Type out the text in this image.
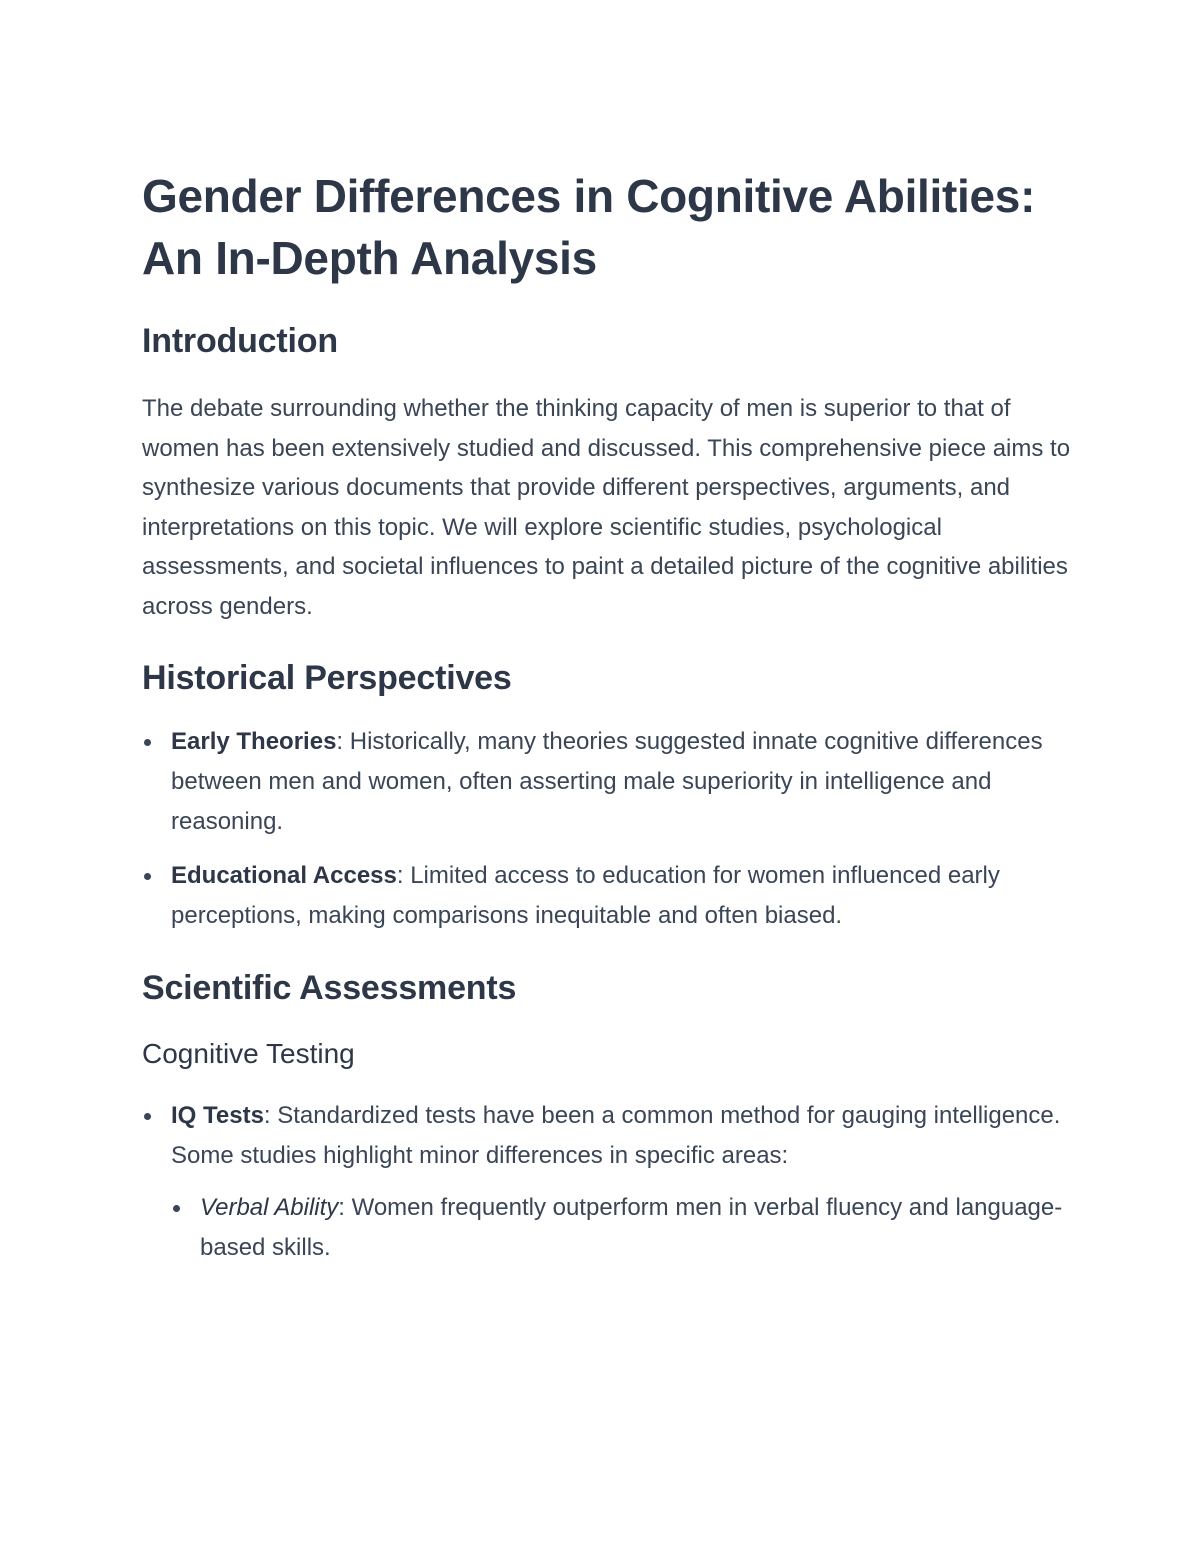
Gender Differences in Cognitive Abilities: An In-Depth Analysis
Introduction

The debate surrounding whether the thinking capacity of men is superior to that of women has been extensively studied and discussed. This comprehensive piece aims to synthesize various documents that provide different perspectives, arguments, and interpretations on this topic. We will explore scientific studies, psychological assessments, and societal influences to paint a detailed picture of the cognitive abilities across genders.

Historical Perspectives
Early Theories: Historically, many theories suggested innate cognitive differences between men and women, often asserting male superiority in intelligence and reasoning.
Educational Access: Limited access to education for women influenced early perceptions, making comparisons inequitable and often biased.
Scientific Assessments
Cognitive Testing
IQ Tests: Standardized tests have been a common method for gauging intelligence. Some studies highlight minor differences in specific areas:
Verbal Ability: Women frequently outperform men in verbal fluency and language-based skills.
